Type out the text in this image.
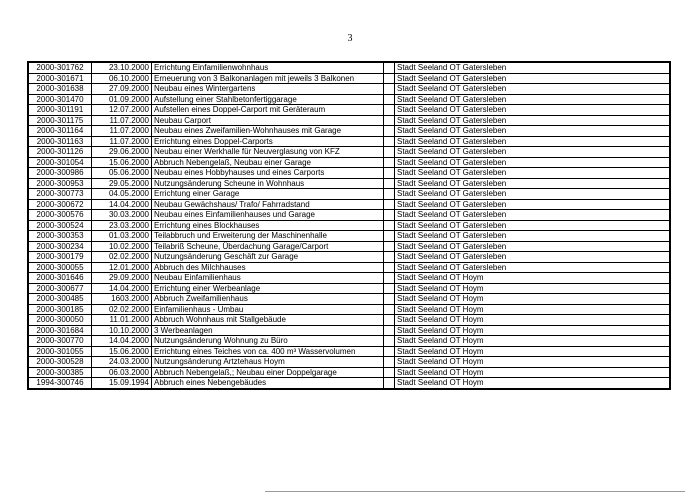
3
2000-301762	23.10.2000	Errichtung Einfamilienwohnhaus		Stadt Seeland OT Gatersleben
2000-301671	06.10.2000	Erneuerung von 3 Balkonanlagen mit jeweils 3 Balkonen		Stadt Seeland OT Gatersleben
2000-301638	27.09.2000	Neubau eines Wintergartens		Stadt Seeland OT Gatersleben
2000-301470	01.09.2000	Aufstellung einer Stahlbetonfertiggarage		Stadt Seeland OT Gatersleben
2000-301191	12.07.2000	Aufstellen eines Doppel-Carport mit Geräteraum		Stadt Seeland OT Gatersleben
2000-301175	11.07.2000	Neubau Carport		Stadt Seeland OT Gatersleben
2000-301164	11.07.2000	Neubau eines Zweifamilien-Wohnhauses mit Garage		Stadt Seeland OT Gatersleben
2000-301163	11.07.2000	Errichtung eines Doppel-Carports		Stadt Seeland OT Gatersleben
2000-301126	29.06.2000	Neubau einer Werkhalle für Neuverglasung von KFZ		Stadt Seeland OT Gatersleben
2000-301054	15.06.2000	Abbruch Nebengelaß, Neubau einer Garage		Stadt Seeland OT Gatersleben
2000-300986	05.06.2000	Neubau eines Hobbyhauses und eines Carports		Stadt Seeland OT Gatersleben
2000-300953	29.05.2000	Nutzungsänderung Scheune in Wohnhaus		Stadt Seeland OT Gatersleben
2000-300773	04.05.2000	Errichtung einer Garage		Stadt Seeland OT Gatersleben
2000-300672	14.04.2000	Neubau Gewächshaus/ Trafo/ Fahrradstand		Stadt Seeland OT Gatersleben
2000-300576	30.03.2000	Neubau eines Einfamilienhauses und Garage		Stadt Seeland OT Gatersleben
2000-300524	23.03.2000	Errichtung eines Blockhauses		Stadt Seeland OT Gatersleben
2000-300353	01.03.2000	Teilabbruch und Erweiterung der Maschinenhalle		Stadt Seeland OT Gatersleben
2000-300234	10.02.2000	Teilabriß Scheune, Überdachung Garage/Carport		Stadt Seeland OT Gatersleben
2000-300179	02.02.2000	Nutzungsänderung Geschäft zur Garage		Stadt Seeland OT Gatersleben
2000-300055	12.01.2000	Abbruch des Milchhauses		Stadt Seeland OT Gatersleben
2000-301646	29.09.2000	Neubau Einfamilienhaus		Stadt Seeland OT Hoym
2000-300677	14.04.2000	Errichtung einer Werbeanlage		Stadt Seeland OT Hoym
2000-300485	1603.2000	Abbruch Zweifamilienhaus		Stadt Seeland OT Hoym
2000-300185	02.02.2000	Einfamilienhaus - Umbau		Stadt Seeland OT Hoym
2000-300050	11.01.2000	Abbruch Wohnhaus mit Stallgebäude		Stadt Seeland OT Hoym
2000-301684	10.10.2000	3 Werbeanlagen		Stadt Seeland OT Hoym
2000-300770	14.04.2000	Nutzungsänderung Wohnung zu Büro		Stadt Seeland OT Hoym
2000-301055	15.06.2000	Errichtung eines Teiches von ca. 400 m³ Wasservolumen		Stadt Seeland OT Hoym
2000-300528	24.03.2000	Nutzungsänderung Artztehaus Hoym		Stadt Seeland OT Hoym
2000-300385	06.03.2000	Abbruch Nebengelaß,; Neubau einer Doppelgarage		Stadt Seeland OT Hoym
1994-300746	15.09.1994	Abbruch eines Nebengebäudes		Stadt Seeland OT Hoym
